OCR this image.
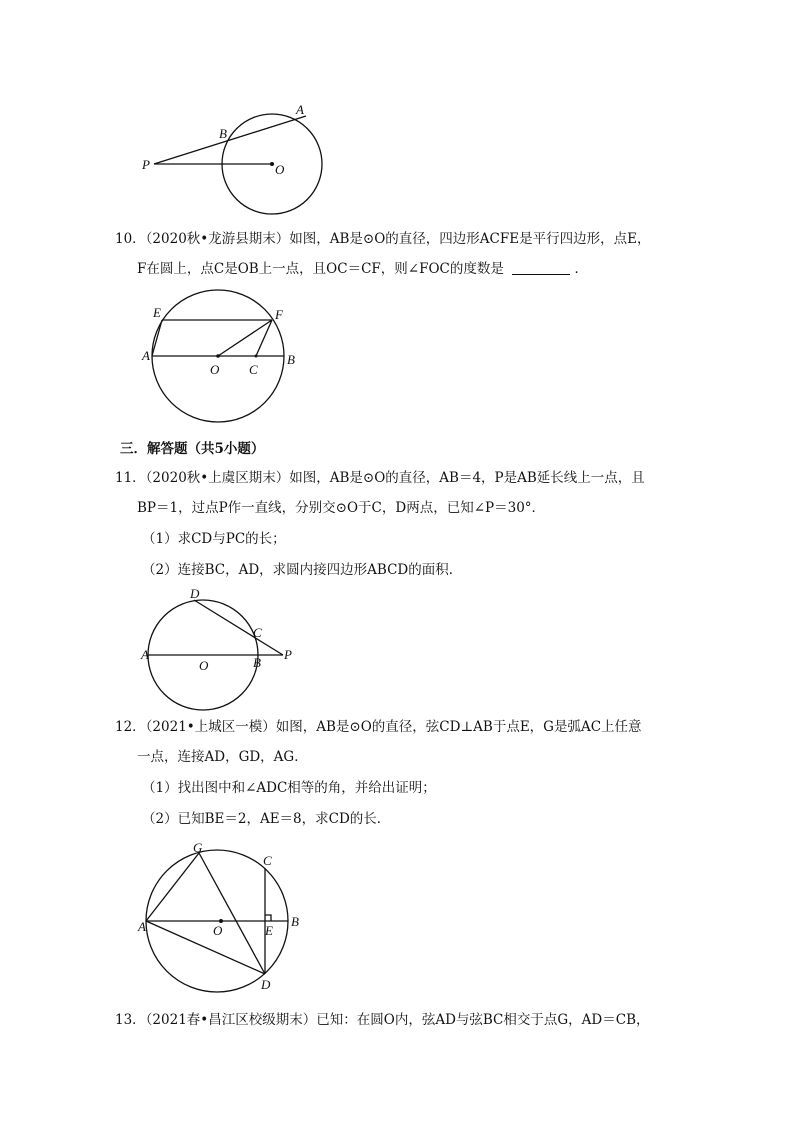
A
B
P	O
10．（2020秋•龙游县期末）如图，AB是⊙O的直径，四边形ACFE是平行四边形，点E，
F在圆上，点C是OB上一点，且OC＝CF，则∠FOC的度数是	．
E	F
A	B
O C
三．解答题（共5小题）
11．（2020秋•上虞区期末）如图，AB是⊙O的直径，AB＝4，P是AB延长线上一点，且
BP＝1，过点P作一直线，分别交⊙O于C，D两点，已知∠P＝30°．
（1）求CD与PC的长；
（2）连接BC，AD，求圆内接四边形ABCD的面积．
D
C
A
O	B
P
12．（2021•上城区一模）如图，AB是⊙O的直径，弦CD⊥AB于点E，G是弧AC上任意
一点，连接AD，GD，AG．
（1）找出图中和∠ADC相等的角，并给出证明；
（2）已知BE＝2，AE＝8，求CD的长．
G
C
A	O	E
B
D
13．（2021春•昌江区校级期末）已知：在圆O内，弦AD与弦BC相交于点G，AD＝CB，
